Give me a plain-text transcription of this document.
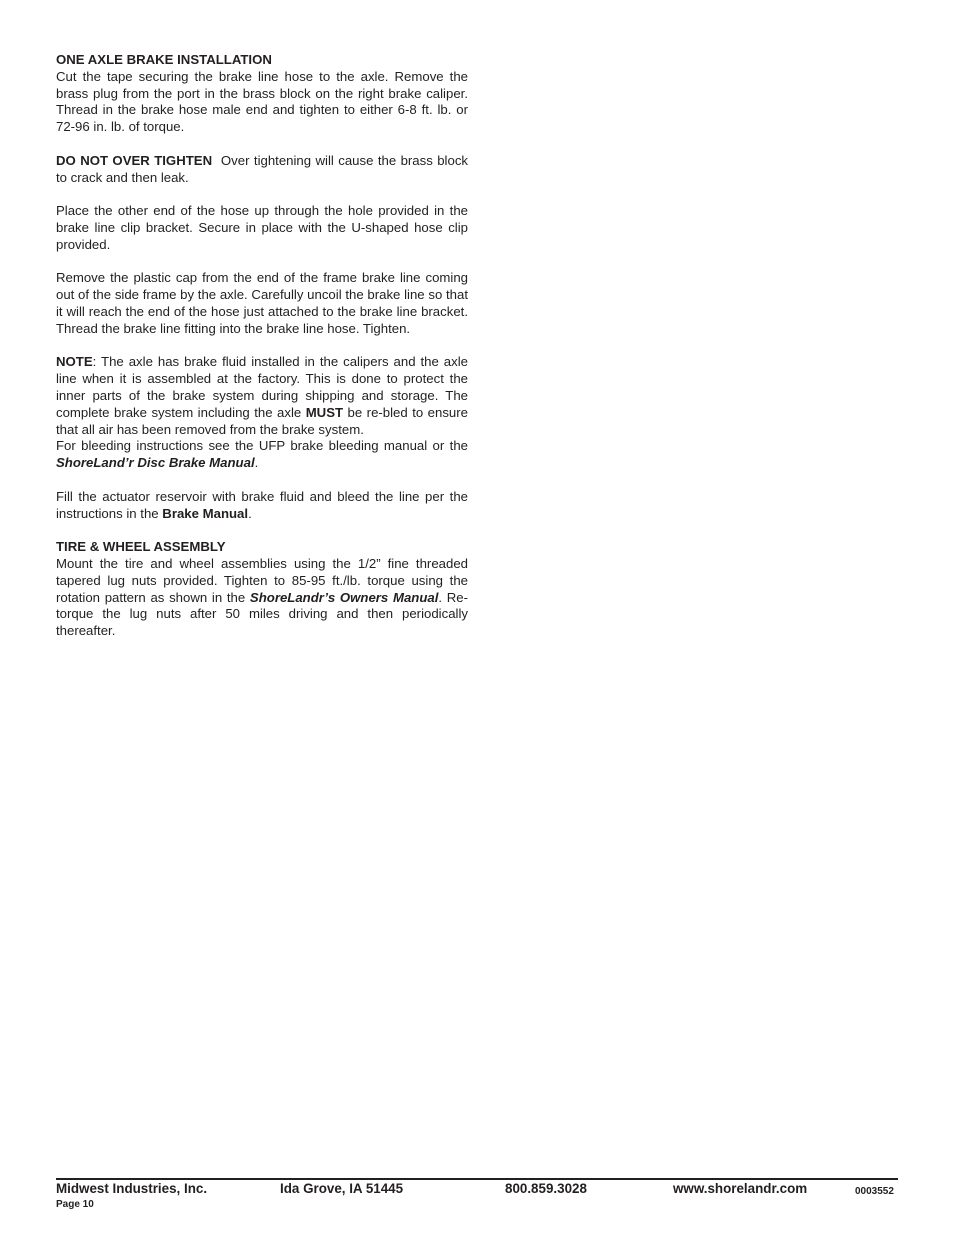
ONE AXLE BRAKE INSTALLATION

Cut the tape securing the brake line hose to the axle. Remove the brass plug from the port in the brass block on the right brake caliper. Thread in the brake hose male end and tighten to either 6-8 ft. lb. or 72-96 in. lb. of torque.

DO NOT OVER TIGHTEN Over tightening will cause the brass block to crack and then leak.

Place the other end of the hose up through the hole provided in the brake line clip bracket. Secure in place with the U-shaped hose clip provided.

Remove the plastic cap from the end of the frame brake line coming out of the side frame by the axle. Carefully uncoil the brake line so that it will reach the end of the hose just attached to the brake line bracket. Thread the brake line fitting into the brake line hose. Tighten.

NOTE: The axle has brake fluid installed in the calipers and the axle line when it is assembled at the factory. This is done to protect the inner parts of the brake system during shipping and storage. The complete brake system including the axle MUST be re-bled to ensure that all air has been removed from the brake system.

For bleeding instructions see the UFP brake bleeding manual or the ShoreLand’r Disc Brake Manual.

Fill the actuator reservoir with brake fluid and bleed the line per the instructions in the Brake Manual.

TIRE & WHEEL ASSEMBLY

Mount the tire and wheel assemblies using the 1/2” fine threaded tapered lug nuts provided. Tighten to 85-95 ft./lb. torque using the rotation pattern as shown in the ShoreLandr’s Owners Manual. Re-torque the lug nuts after 50 miles driving and then periodically thereafter.

Midwest Industries, Inc.	Ida Grove, IA 51445	800.859.3028	www.shorelandr.com	0003552
Page 10
